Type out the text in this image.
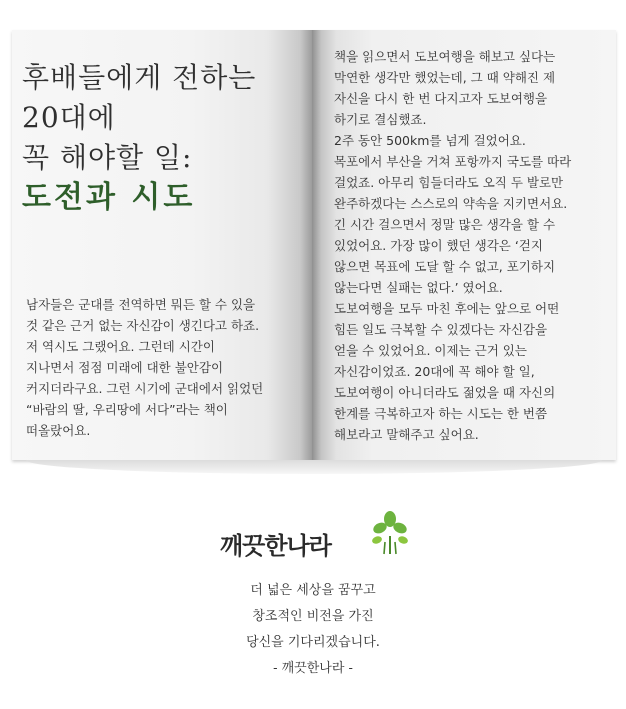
후배들에게 전하는
20대에
꼭 해야할 일:
도전과 시도

남자들은 군대를 전역하면 뭐든 할 수 있을
것 같은 근거 없는 자신감이 생긴다고 하죠.
저 역시도 그랬어요. 그런데 시간이
지나면서 점점 미래에 대한 불안감이
커지더라구요. 그런 시기에 군대에서 읽었던
“바람의 딸, 우리땅에 서다”라는 책이
떠올랐어요.

책을 읽으면서 도보여행을 해보고 싶다는
막연한 생각만 했었는데, 그 때 약해진 제
자신을 다시 한 번 다지고자 도보여행을
하기로 결심했죠.
2주 동안 500km를 넘게 걸었어요.
목포에서 부산을 거쳐 포항까지 국도를 따라
걸었죠. 아무리 힘들더라도 오직 두 발로만
완주하겠다는 스스로의 약속을 지키면서요.
긴 시간 걸으면서 정말 많은 생각을 할 수
있었어요. 가장 많이 했던 생각은 ‘걷지
않으면 목표에 도달 할 수 없고, 포기하지
않는다면 실패는 없다.’ 였어요.
도보여행을 모두 마친 후에는 앞으로 어떤
힘든 일도 극복할 수 있겠다는 자신감을
얻을 수 있었어요. 이제는 근거 있는
자신감이었죠. 20대에 꼭 해야 할 일,
도보여행이 아니더라도 젊었을 때 자신의
한계를 극복하고자 하는 시도는 한 번쯤
해보라고 말해주고 싶어요.

깨끗한나라
더 넓은 세상을 꿈꾸고
창조적인 비전을 가진
당신을 기다리겠습니다.
- 깨끗한나라 -
